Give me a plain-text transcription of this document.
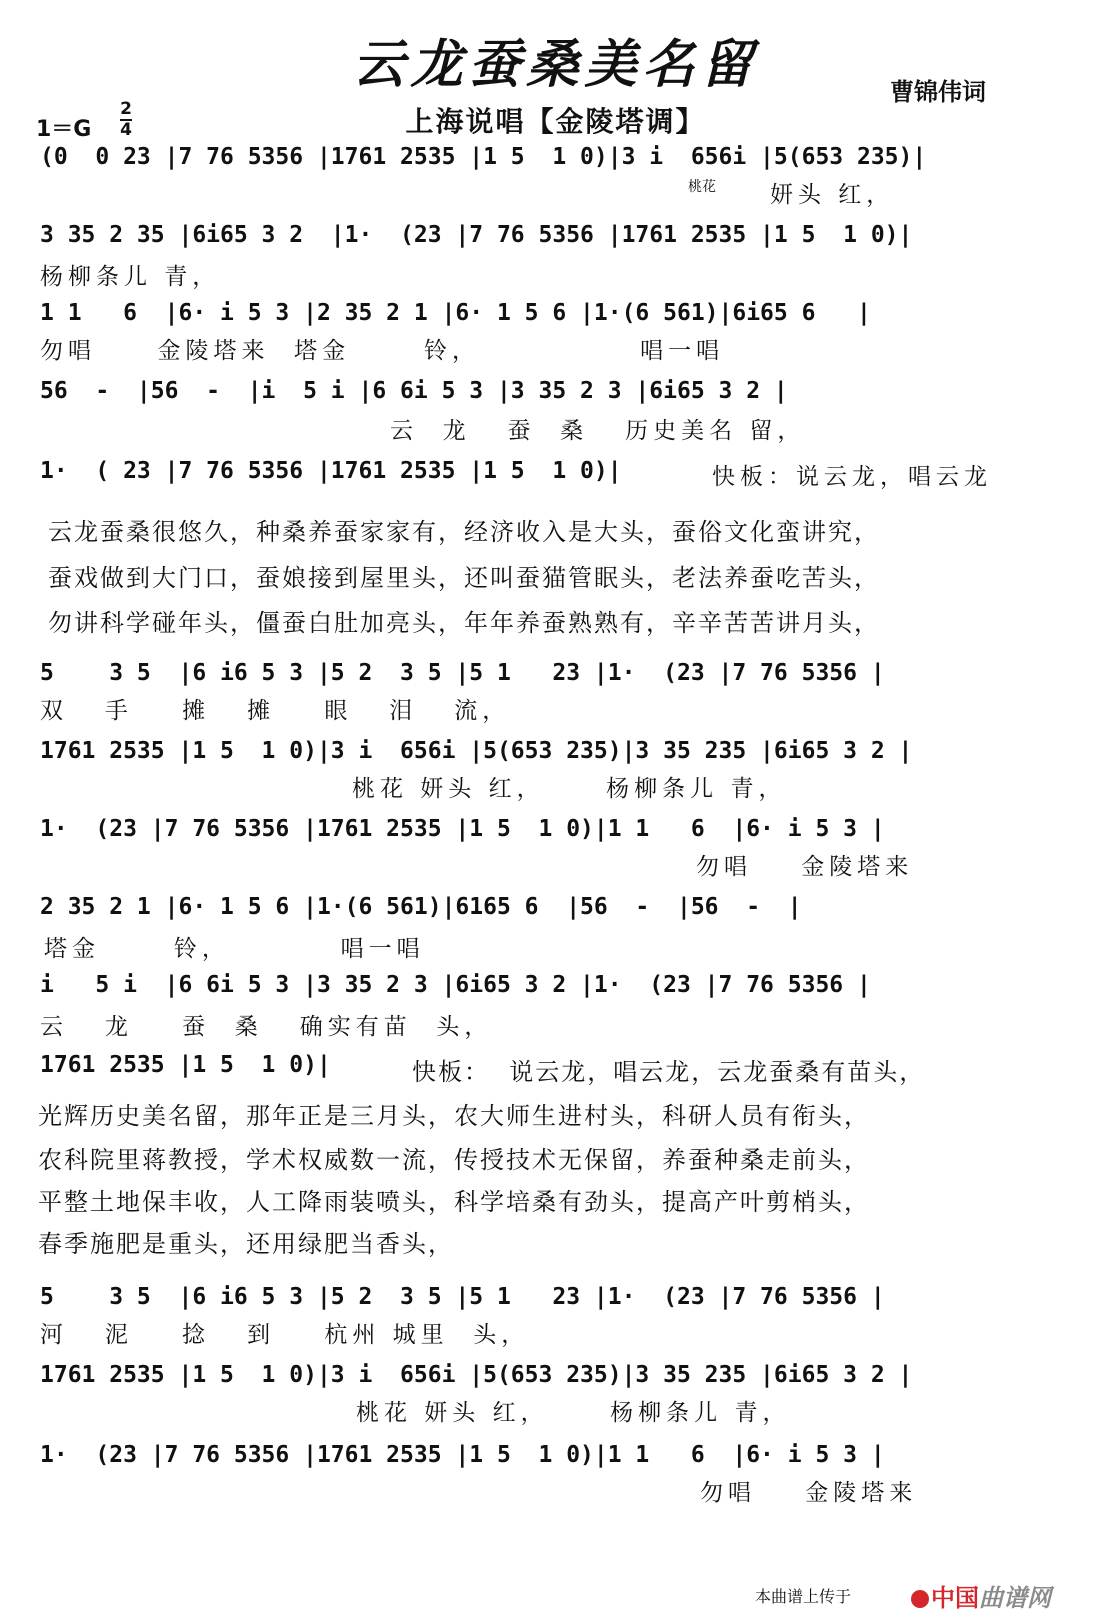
云龙蚕桑美名留	曹锦伟词
上海说唱【金陵塔调】
1＝G
2
4
(0  0 23 |7 76 5356 |1761 2535 |1 5  1 0)|3 i  656i |5(653 235)|
桃花 妍头 红，
3 35 2 35 |6i65 3 2  |1·  (23 |7 76 5356 |1761 2535 |1 5  1 0)|
杨柳条儿 青，
1 1   6  |6· i 5 3 |2 35 2 1 |6· 1 5 6 |1·(6 561)|6i65 6   |
勿唱     金陵塔来  塔金      铃，             唱一唱
56  -  |56  -  |i  5 i |6 6i 5 3 |3 35 2 3 |6i65 3 2 |
云  龙   蚕  桑   历史美名 留，
1·  ( 23 |7 76 5356 |1761 2535 |1 5  1 0)|	快板：说云龙，唱云龙
云龙蚕桑很悠久，种桑养蚕家家有，经济收入是大头，蚕俗文化蛮讲究，
蚕戏做到大门口，蚕娘接到屋里头，还叫蚕猫管眠头，老法养蚕吃苦头，
勿讲科学碰年头，僵蚕白肚加亮头，年年养蚕熟熟有，辛辛苦苦讲月头，
5    3 5  |6 i6 5 3 |5 2  3 5 |5 1   23 |1·  (23 |7 76 5356 |
双   手    摊   摊    眼   泪   流，
1761 2535 |1 5  1 0)|3 i  656i |5(653 235)|3 35 235 |6i65 3 2 |
桃花 妍头 红，     杨柳条儿 青，
1·  (23 |7 76 5356 |1761 2535 |1 5  1 0)|1 1   6  |6· i 5 3 |
勿唱    金陵塔来
2 35 2 1 |6· 1 5 6 |1·(6 561)|6165 6  |56  -  |56  -  |
塔金      铃，         唱一唱
i   5 i  |6 6i 5 3 |3 35 2 3 |6i65 3 2 |1·  (23 |7 76 5356 |
云   龙    蚕  桑   确实有苗  头，
1761 2535 |1 5  1 0)|	快板：  说云龙，唱云龙，云龙蚕桑有苗头，
光辉历史美名留，那年正是三月头，农大师生进村头，科研人员有衔头，
农科院里蒋教授，学术权威数一流，传授技术无保留，养蚕种桑走前头，
平整土地保丰收，人工降雨装喷头，科学培桑有劲头，提高产叶剪梢头，
春季施肥是重头，还用绿肥当香头，
5    3 5  |6 i6 5 3 |5 2  3 5 |5 1   23 |1·  (23 |7 76 5356 |
河   泥    捻   到    杭州 城里  头，
1761 2535 |1 5  1 0)|3 i  656i |5(653 235)|3 35 235 |6i65 3 2 |
桃花 妍头 红，     杨柳条儿 青，
1·  (23 |7 76 5356 |1761 2535 |1 5  1 0)|1 1   6  |6· i 5 3 |
勿唱    金陵塔来
本曲谱上传于	中国曲谱网
